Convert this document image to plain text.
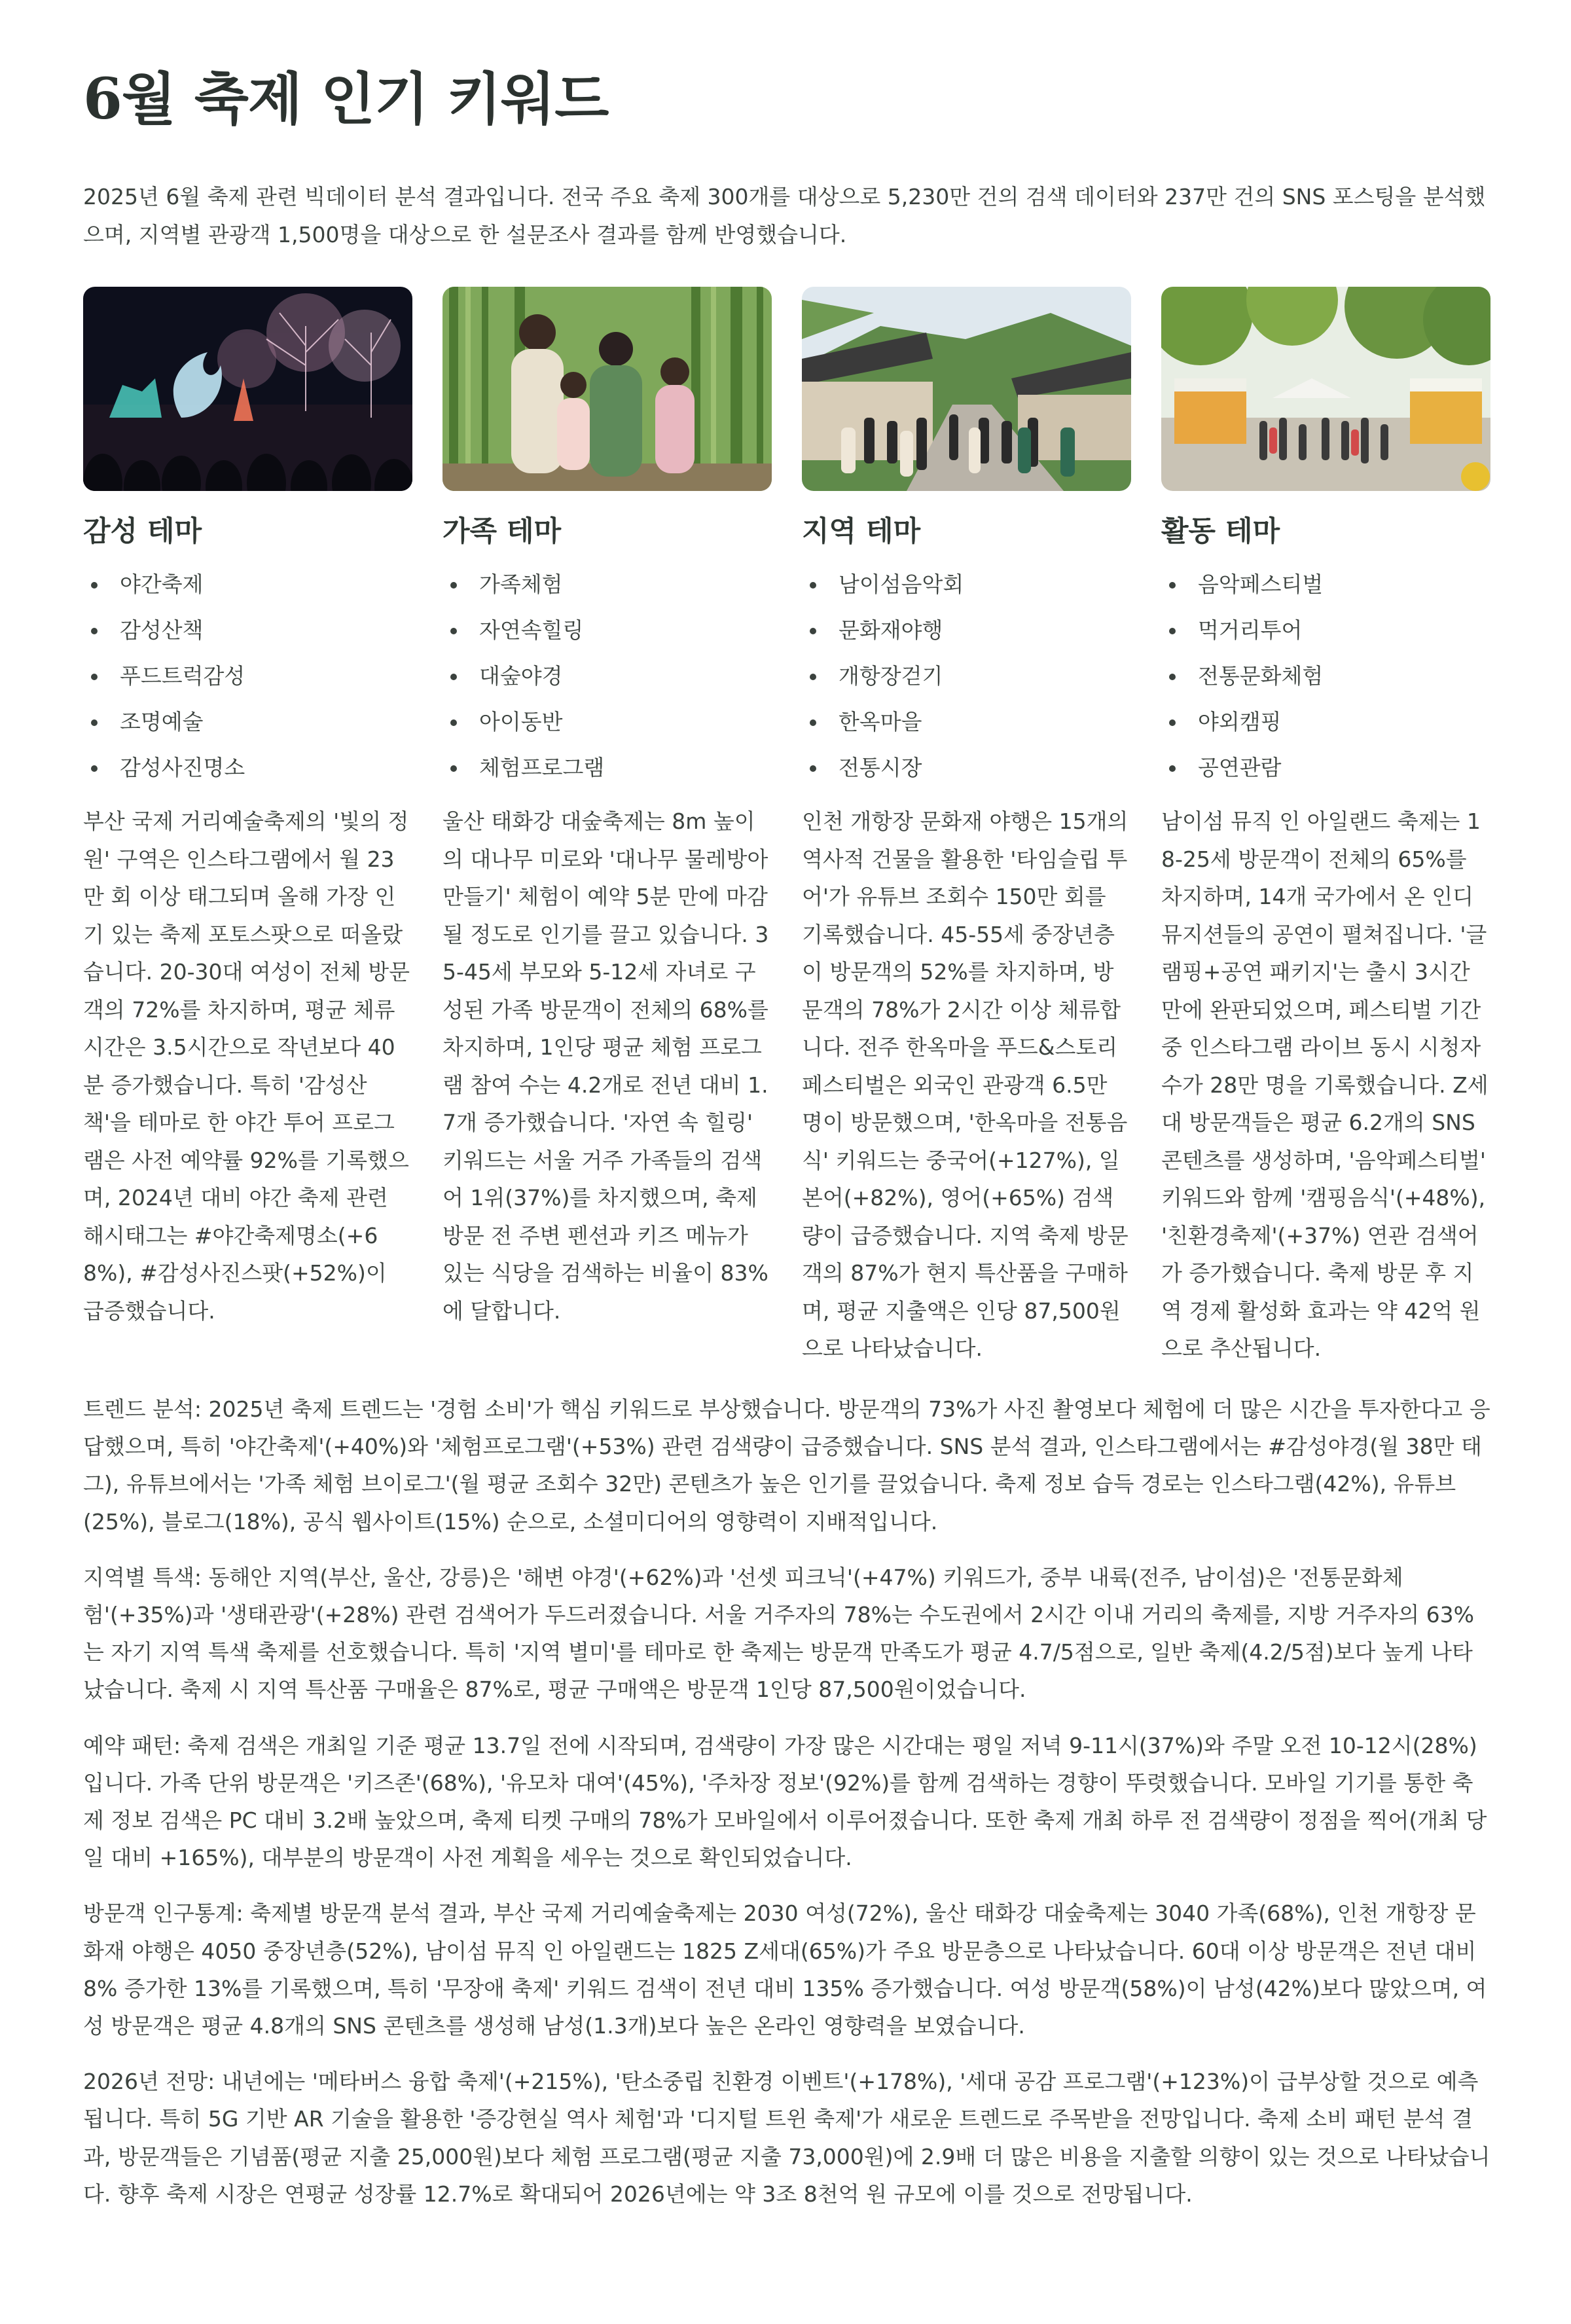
6월 축제 인기 키워드
2025년 6월 축제 관련 빅데이터 분석 결과입니다. 전국 주요 축제 300개를 대상으로 5,230만 건의 검색 데이터와 237만 건의 SNS 포스팅을 분석했으며, 지역별 관광객 1,500명을 대상으로 한 설문조사 결과를 함께 반영했습니다.
감성 테마
야간축제
감성산책
푸드트럭감성
조명예술
감성사진명소

부산 국제 거리예술축제의 '빛의 정원' 구역은 인스타그램에서 월 23만 회 이상 태그되며 올해 가장 인기 있는 축제 포토스팟으로 떠올랐습니다. 20-30대 여성이 전체 방문객의 72%를 차지하며, 평균 체류 시간은 3.5시간으로 작년보다 40분 증가했습니다. 특히 '감성산책'을 테마로 한 야간 투어 프로그램은 사전 예약률 92%를 기록했으며, 2024년 대비 야간 축제 관련 해시태그는 #야간축제명소(+68%), #감성사진스팟(+52%)이 급증했습니다.

가족 테마
가족체험
자연속힐링
대숲야경
아이동반
체험프로그램

울산 태화강 대숲축제는 8m 높이의 대나무 미로와 '대나무 물레방아 만들기' 체험이 예약 5분 만에 마감될 정도로 인기를 끌고 있습니다. 35-45세 부모와 5-12세 자녀로 구성된 가족 방문객이 전체의 68%를 차지하며, 1인당 평균 체험 프로그램 참여 수는 4.2개로 전년 대비 1.7개 증가했습니다. '자연 속 힐링' 키워드는 서울 거주 가족들의 검색어 1위(37%)를 차지했으며, 축제 방문 전 주변 펜션과 키즈 메뉴가 있는 식당을 검색하는 비율이 83%에 달합니다.

지역 테마
남이섬음악회
문화재야행
개항장걷기
한옥마을
전통시장

인천 개항장 문화재 야행은 15개의 역사적 건물을 활용한 '타임슬립 투어'가 유튜브 조회수 150만 회를 기록했습니다. 45-55세 중장년층이 방문객의 52%를 차지하며, 방문객의 78%가 2시간 이상 체류합니다. 전주 한옥마을 푸드&스토리 페스티벌은 외국인 관광객 6.5만 명이 방문했으며, '한옥마을 전통음식' 키워드는 중국어(+127%), 일본어(+82%), 영어(+65%) 검색량이 급증했습니다. 지역 축제 방문객의 87%가 현지 특산품을 구매하며, 평균 지출액은 인당 87,500원으로 나타났습니다.

활동 테마
음악페스티벌
먹거리투어
전통문화체험
야외캠핑
공연관람

남이섬 뮤직 인 아일랜드 축제는 18-25세 방문객이 전체의 65%를 차지하며, 14개 국가에서 온 인디 뮤지션들의 공연이 펼쳐집니다. '글램핑+공연 패키지'는 출시 3시간 만에 완판되었으며, 페스티벌 기간 중 인스타그램 라이브 동시 시청자수가 28만 명을 기록했습니다. Z세대 방문객들은 평균 6.2개의 SNS 콘텐츠를 생성하며, '음악페스티벌' 키워드와 함께 '캠핑음식'(+48%), '친환경축제'(+37%) 연관 검색어가 증가했습니다. 축제 방문 후 지역 경제 활성화 효과는 약 42억 원으로 추산됩니다.

트렌드 분석: 2025년 축제 트렌드는 '경험 소비'가 핵심 키워드로 부상했습니다. 방문객의 73%가 사진 촬영보다 체험에 더 많은 시간을 투자한다고 응답했으며, 특히 '야간축제'(+40%)와 '체험프로그램'(+53%) 관련 검색량이 급증했습니다. SNS 분석 결과, 인스타그램에서는 #감성야경(월 38만 태그), 유튜브에서는 '가족 체험 브이로그'(월 평균 조회수 32만) 콘텐츠가 높은 인기를 끌었습니다. 축제 정보 습득 경로는 인스타그램(42%), 유튜브(25%), 블로그(18%), 공식 웹사이트(15%) 순으로, 소셜미디어의 영향력이 지배적입니다.

지역별 특색: 동해안 지역(부산, 울산, 강릉)은 '해변 야경'(+62%)과 '선셋 피크닉'(+47%) 키워드가, 중부 내륙(전주, 남이섬)은 '전통문화체험'(+35%)과 '생태관광'(+28%) 관련 검색어가 두드러졌습니다. 서울 거주자의 78%는 수도권에서 2시간 이내 거리의 축제를, 지방 거주자의 63%는 자기 지역 특색 축제를 선호했습니다. 특히 '지역 별미'를 테마로 한 축제는 방문객 만족도가 평균 4.7/5점으로, 일반 축제(4.2/5점)보다 높게 나타났습니다. 축제 시 지역 특산품 구매율은 87%로, 평균 구매액은 방문객 1인당 87,500원이었습니다.

예약 패턴: 축제 검색은 개최일 기준 평균 13.7일 전에 시작되며, 검색량이 가장 많은 시간대는 평일 저녁 9-11시(37%)와 주말 오전 10-12시(28%)입니다. 가족 단위 방문객은 '키즈존'(68%), '유모차 대여'(45%), '주차장 정보'(92%)를 함께 검색하는 경향이 뚜렷했습니다. 모바일 기기를 통한 축제 정보 검색은 PC 대비 3.2배 높았으며, 축제 티켓 구매의 78%가 모바일에서 이루어졌습니다. 또한 축제 개최 하루 전 검색량이 정점을 찍어(개최 당일 대비 +165%), 대부분의 방문객이 사전 계획을 세우는 것으로 확인되었습니다.

방문객 인구통계: 축제별 방문객 분석 결과, 부산 국제 거리예술축제는 2030 여성(72%), 울산 태화강 대숲축제는 3040 가족(68%), 인천 개항장 문화재 야행은 4050 중장년층(52%), 남이섬 뮤직 인 아일랜드는 1825 Z세대(65%)가 주요 방문층으로 나타났습니다. 60대 이상 방문객은 전년 대비 8% 증가한 13%를 기록했으며, 특히 '무장애 축제' 키워드 검색이 전년 대비 135% 증가했습니다. 여성 방문객(58%)이 남성(42%)보다 많았으며, 여성 방문객은 평균 4.8개의 SNS 콘텐츠를 생성해 남성(1.3개)보다 높은 온라인 영향력을 보였습니다.

2026년 전망: 내년에는 '메타버스 융합 축제'(+215%), '탄소중립 친환경 이벤트'(+178%), '세대 공감 프로그램'(+123%)이 급부상할 것으로 예측됩니다. 특히 5G 기반 AR 기술을 활용한 '증강현실 역사 체험'과 '디지털 트윈 축제'가 새로운 트렌드로 주목받을 전망입니다. 축제 소비 패턴 분석 결과, 방문객들은 기념품(평균 지출 25,000원)보다 체험 프로그램(평균 지출 73,000원)에 2.9배 더 많은 비용을 지출할 의향이 있는 것으로 나타났습니다. 향후 축제 시장은 연평균 성장률 12.7%로 확대되어 2026년에는 약 3조 8천억 원 규모에 이를 것으로 전망됩니다.
